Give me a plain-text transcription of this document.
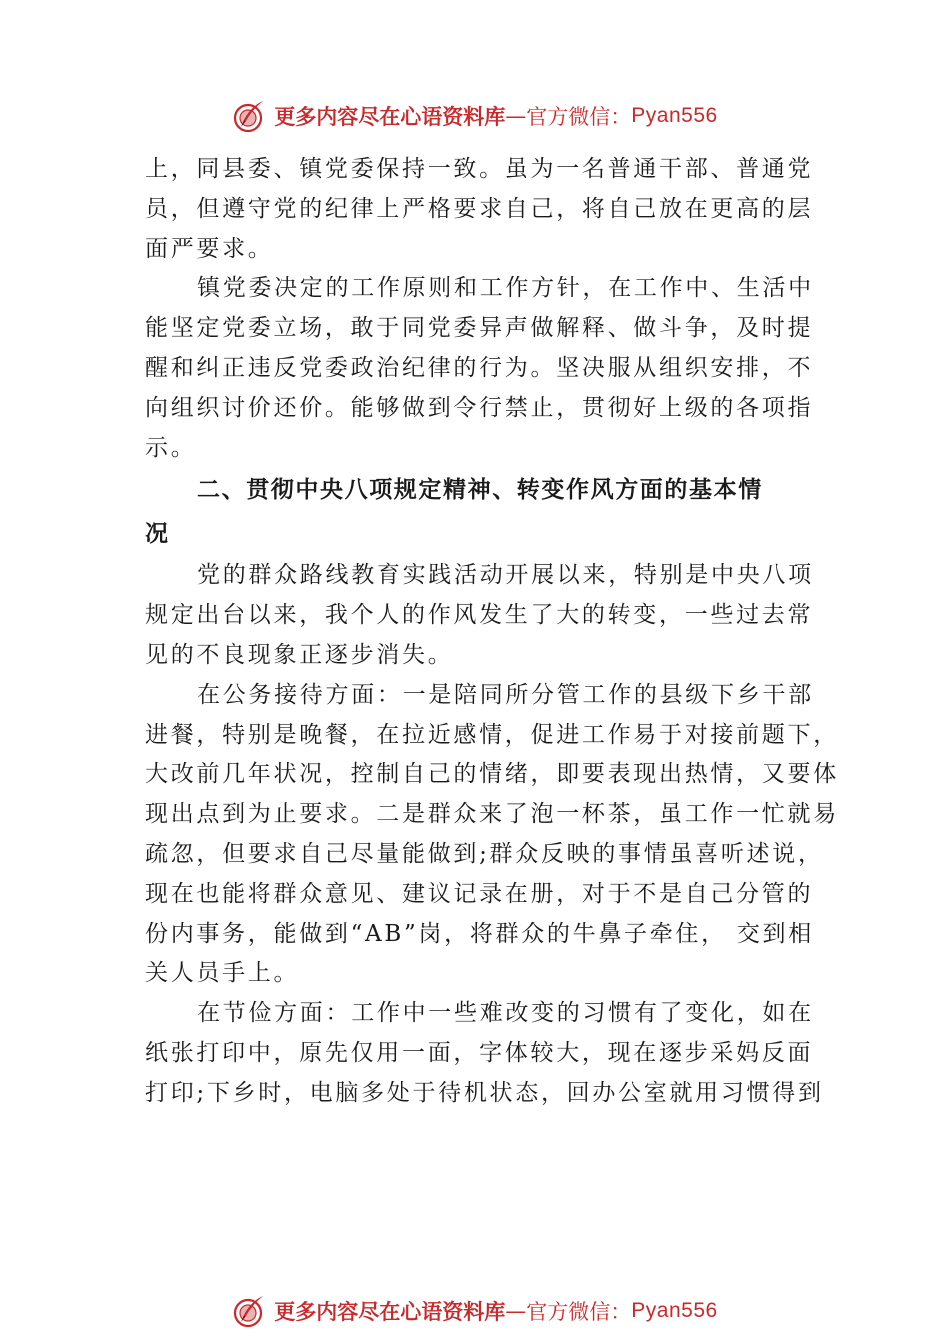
更多内容尽在心语资料库 — 官方微信： Pyan556
上，同县委、镇党委保持一致。虽为一名普通干部、普通党
员，但遵守党的纪律上严格要求自己，将自己放在更高的层
面严要求。
镇党委决定的工作原则和工作方针，在工作中、生活中
能坚定党委立场，敢于同党委异声做解释、做斗争，及时提
醒和纠正违反党委政治纪律的行为。坚决服从组织安排，不
向组织讨价还价。能够做到令行禁止，贯彻好上级的各项指
示。
二、贯彻中央八项规定精神、转变作风方面的基本情
况
党的群众路线教育实践活动开展以来，特别是中央八项
规定出台以来，我个人的作风发生了大的转变，一些过去常
见的不良现象正逐步消失。
在公务接待方面：一是陪同所分管工作的县级下乡干部
进餐，特别是晚餐，在拉近感情，促进工作易于对接前题下，
大改前几年状况，控制自己的情绪，即要表现出热情，又要体
现出点到为止要求。二是群众来了泡一杯茶，虽工作一忙就易
疏忽，但要求自己尽量能做到;群众反映的事情虽喜听述说，
现在也能将群众意见、建议记录在册，对于不是自己分管的
份内事务，能做到“AB”岗，将群众的牛鼻子牵住， 交到相
关人员手上。
在节俭方面：工作中一些难改变的习惯有了变化，如在
纸张打印中，原先仅用一面，字体较大，现在逐步采妈反面
打印;下乡时，电脑多处于待机状态，回办公室就用习惯得到
更多内容尽在心语资料库 — 官方微信： Pyan556
